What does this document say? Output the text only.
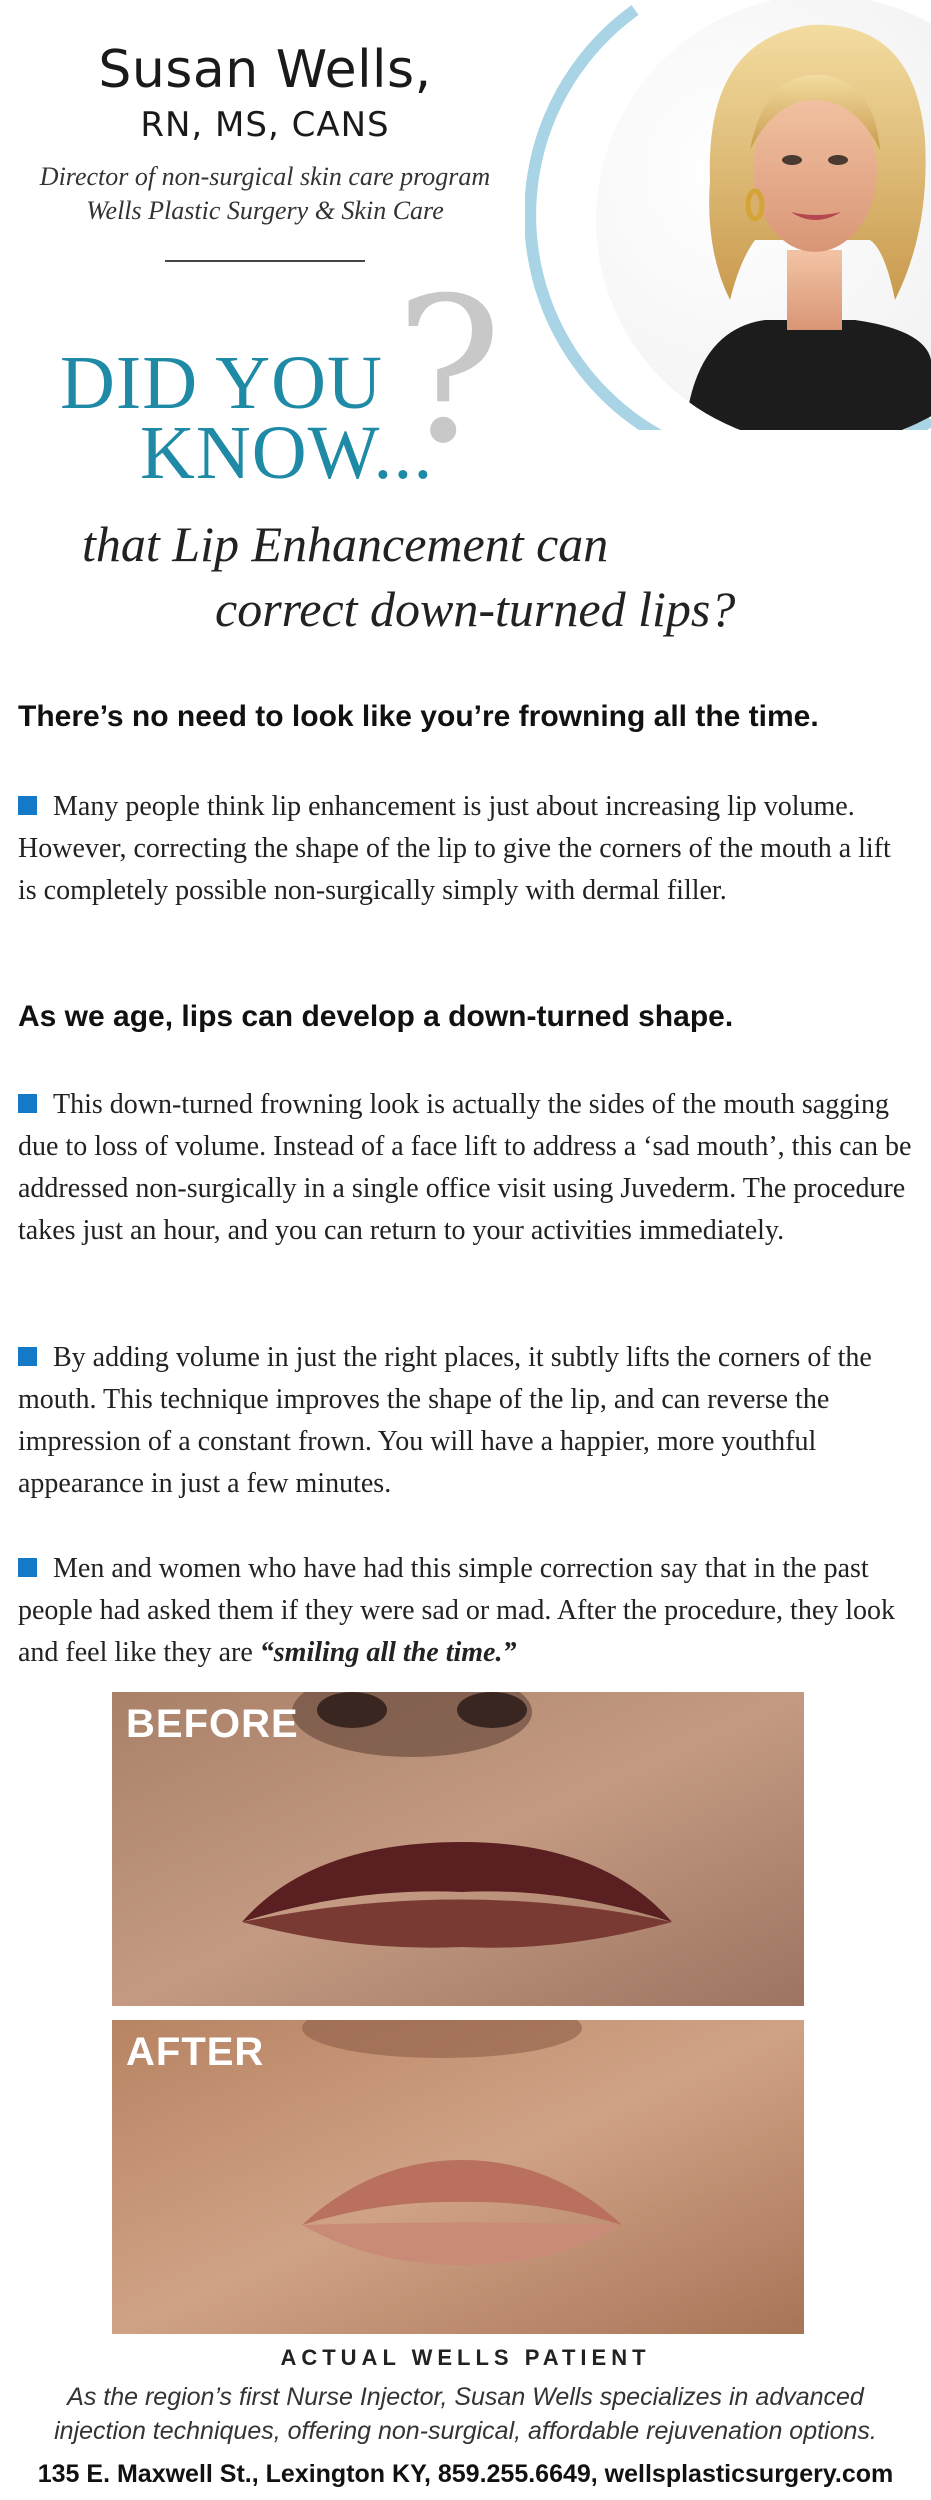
Susan Wells,
RN, MS, CANS
Director of non-surgical skin care program
Wells Plastic Surgery & Skin Care
?
DID YOU
KNOW...
that Lip Enhancement can
correct down-turned lips?
There’s no need to look like you’re frowning all the time.
Many people think lip enhancement is just about increasing lip volume. However, correcting the shape of the lip to give the corners of the mouth a lift is completely possible non-surgically simply with dermal filler.
As we age, lips can develop a down-turned shape.
This down-turned frowning look is actually the sides of the mouth sagging due to loss of volume. Instead of a face lift to address a ‘sad mouth’, this can be addressed non-surgically in a single office visit using Juvederm. The procedure takes just an hour, and you can return to your activities immediately.
By adding volume in just the right places, it subtly lifts the corners of the mouth. This technique improves the shape of the lip, and can reverse the impression of a constant frown. You will have a happier, more youthful appearance in just a few minutes.
Men and women who have had this simple correction say that in the past people had asked them if they were sad or mad. After the procedure, they look and feel like they are “smiling all the time.”
BEFORE
AFTER
ACTUAL WELLS PATIENT
As the region’s first Nurse Injector, Susan Wells specializes in advanced
injection techniques, offering non-surgical, affordable rejuvenation options.
135 E. Maxwell St., Lexington KY, 859.255.6649, wellsplasticsurgery.com
